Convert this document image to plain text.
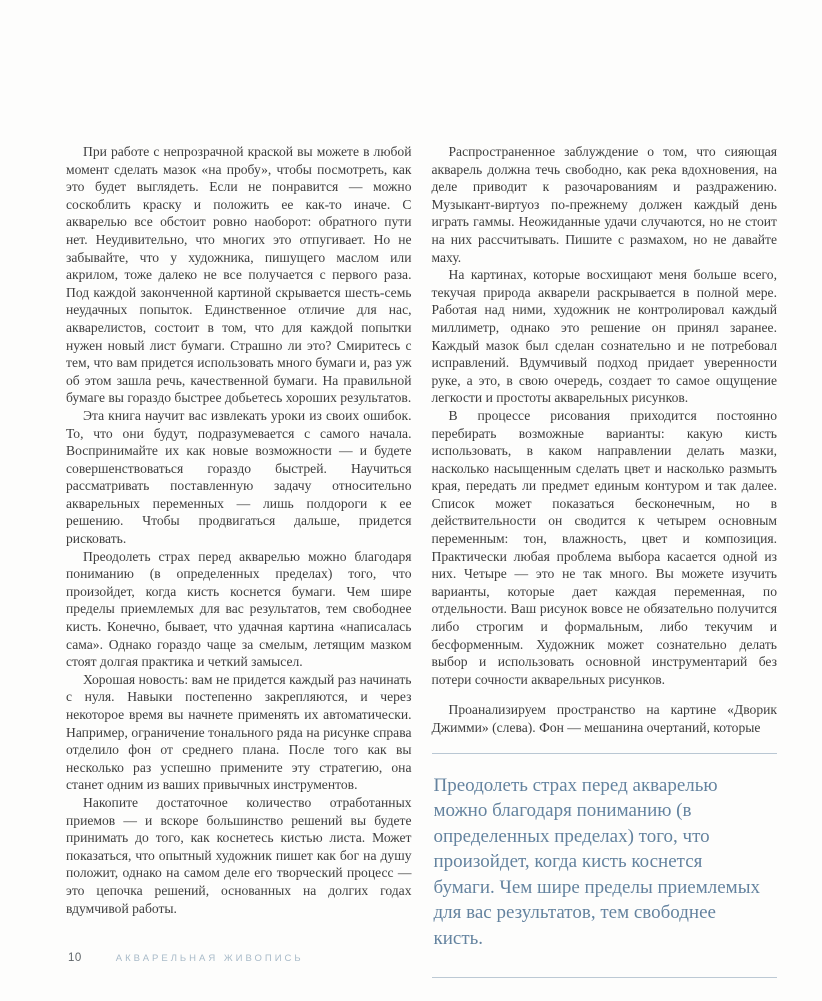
При работе с непрозрачной краской вы можете в любой момент сделать мазок «на пробу», чтобы посмотреть, как это будет выглядеть. Если не понравится — можно соскоблить краску и положить ее как-то иначе. С акварелью все обстоит ровно наоборот: обратного пути нет. Неудивительно, что многих это отпугивает. Но не забывайте, что у художника, пишущего маслом или акрилом, тоже далеко не все получается с первого раза. Под каждой законченной картиной скрывается шесть-семь неудачных попыток. Единственное отличие для нас, акварелистов, состоит в том, что для каждой попытки нужен новый лист бумаги. Страшно ли это? Смиритесь с тем, что вам придется использовать много бумаги и, раз уж об этом зашла речь, качественной бумаги. На правильной бумаге вы гораздо быстрее добьетесь хороших результатов.

Эта книга научит вас извлекать уроки из своих ошибок. То, что они будут, подразумевается с самого начала. Воспринимайте их как новые возможности — и будете совершенствоваться гораздо быстрей. Научиться рассматривать поставленную задачу относительно акварельных переменных — лишь полдороги к ее решению. Чтобы продвигаться дальше, придется рисковать.

Преодолеть страх перед акварелью можно благодаря пониманию (в определенных пределах) того, что произойдет, когда кисть коснется бумаги. Чем шире пределы приемлемых для вас результатов, тем свободнее кисть. Конечно, бывает, что удачная картина «написалась сама». Однако гораздо чаще за смелым, летящим мазком стоят долгая практика и четкий замысел.

Хорошая новость: вам не придется каждый раз начинать с нуля. Навыки постепенно закрепляются, и через некоторое время вы начнете применять их автоматически. Например, ограничение тонального ряда на рисунке справа отделило фон от среднего плана. После того как вы несколько раз успешно примените эту стратегию, она станет одним из ваших привычных инструментов.

Накопите достаточное количество отработанных приемов — и вскоре большинство решений вы будете принимать до того, как коснетесь кистью листа. Может показаться, что опытный художник пишет как бог на душу положит, однако на самом деле его творческий процесс — это цепочка решений, основанных на долгих годах вдумчивой работы.

Распространенное заблуждение о том, что сияющая акварель должна течь свободно, как река вдохновения, на деле приводит к разочарованиям и раздражению. Музыкант-виртуоз по-прежнему должен каждый день играть гаммы. Неожиданные удачи случаются, но не стоит на них рассчитывать. Пишите с размахом, но не давайте маху.

На картинах, которые восхищают меня больше всего, текучая природа акварели раскрывается в полной мере. Работая над ними, художник не контролировал каждый миллиметр, однако это решение он принял заранее. Каждый мазок был сделан сознательно и не потребовал исправлений. Вдумчивый подход придает уверенности руке, а это, в свою очередь, создает то самое ощущение легкости и простоты акварельных рисунков.

В процессе рисования приходится постоянно перебирать возможные варианты: какую кисть использовать, в каком направлении делать мазки, насколько насыщенным сделать цвет и насколько размыть края, передать ли предмет единым контуром и так далее. Список может показаться бесконечным, но в действительности он сводится к четырем основным переменным: тон, влажность, цвет и композиция. Практически любая проблема выбора касается одной из них. Четыре — это не так много. Вы можете изучить варианты, которые дает каждая переменная, по отдельности. Ваш рисунок вовсе не обязательно получится либо строгим и формальным, либо текучим и бесформенным. Художник может сознательно делать выбор и использовать основной инструментарий без потери сочности акварельных рисунков.

Проанализируем пространство на картине «Дворик Джимми» (слева). Фон — мешанина очертаний, которые

Преодолеть страх перед акварелью можно благодаря пониманию (в определенных пределах) того, что произойдет, когда кисть коснется бумаги. Чем шире пределы приемлемых для вас результатов, тем свободнее кисть.

10	АКВАРЕЛЬНАЯ ЖИВОПИСЬ
